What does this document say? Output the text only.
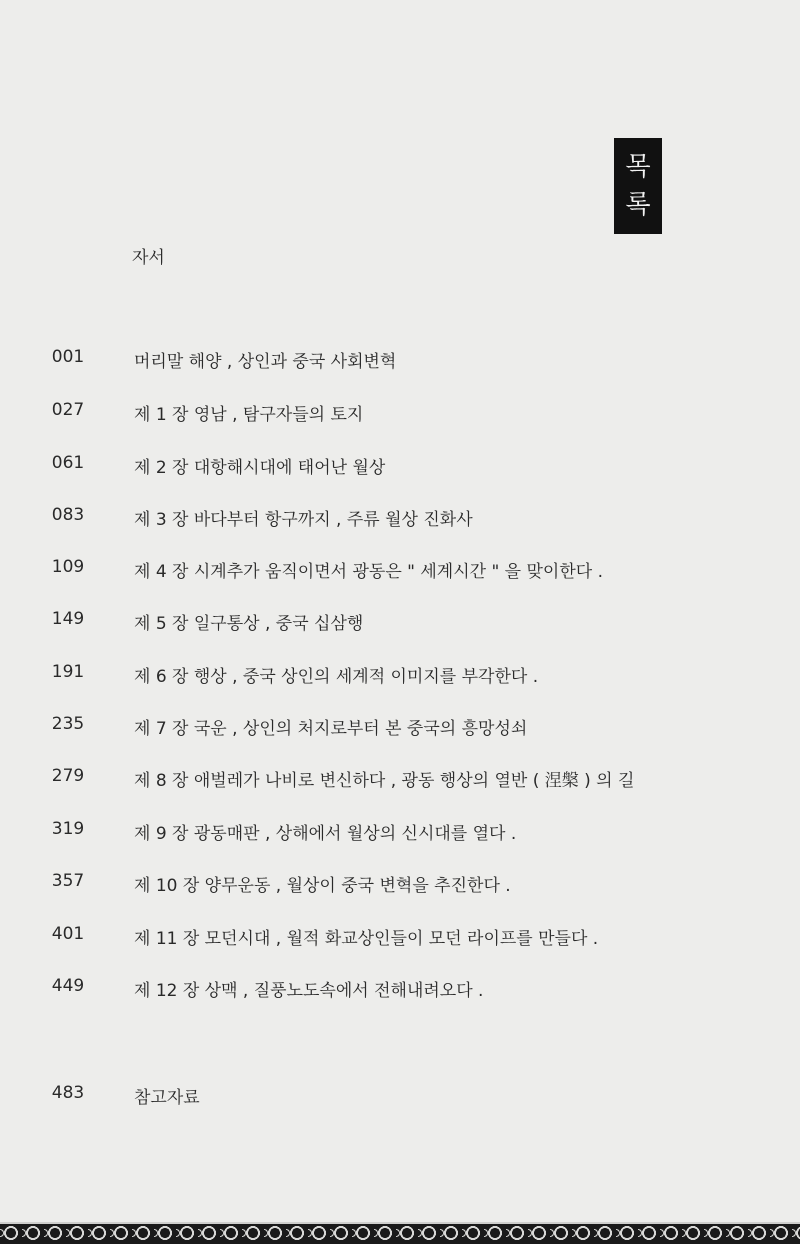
목
록
자서
001	머리말 해양 , 상인과 중국 사회변혁
027	제 1 장 영남 , 탐구자들의 토지
061	제 2 장 대항해시대에 태어난 월상
083	제 3 장 바다부터 항구까지 , 주류 월상 진화사
109	제 4 장 시계추가 움직이면서 광동은 " 세계시간 " 을 맞이한다 .
149	제 5 장 일구통상 , 중국 십삼행
191	제 6 장 행상 , 중국 상인의 세계적 이미지를 부각한다 .
235	제 7 장 국운 , 상인의 처지로부터 본 중국의 흥망성쇠
279	제 8 장 애벌레가 나비로 변신하다 , 광동 행상의 열반 ( 涅槃 ) 의 길
319	제 9 장 광동매판 , 상해에서 월상의 신시대를 열다 .
357	제 10 장 양무운동 , 월상이 중국 변혁을 추진한다 .
401	제 11 장 모던시대 , 월적 화교상인들이 모던 라이프를 만들다 .
449	제 12 장 상맥 , 질풍노도속에서 전해내려오다 .
483	참고자료
